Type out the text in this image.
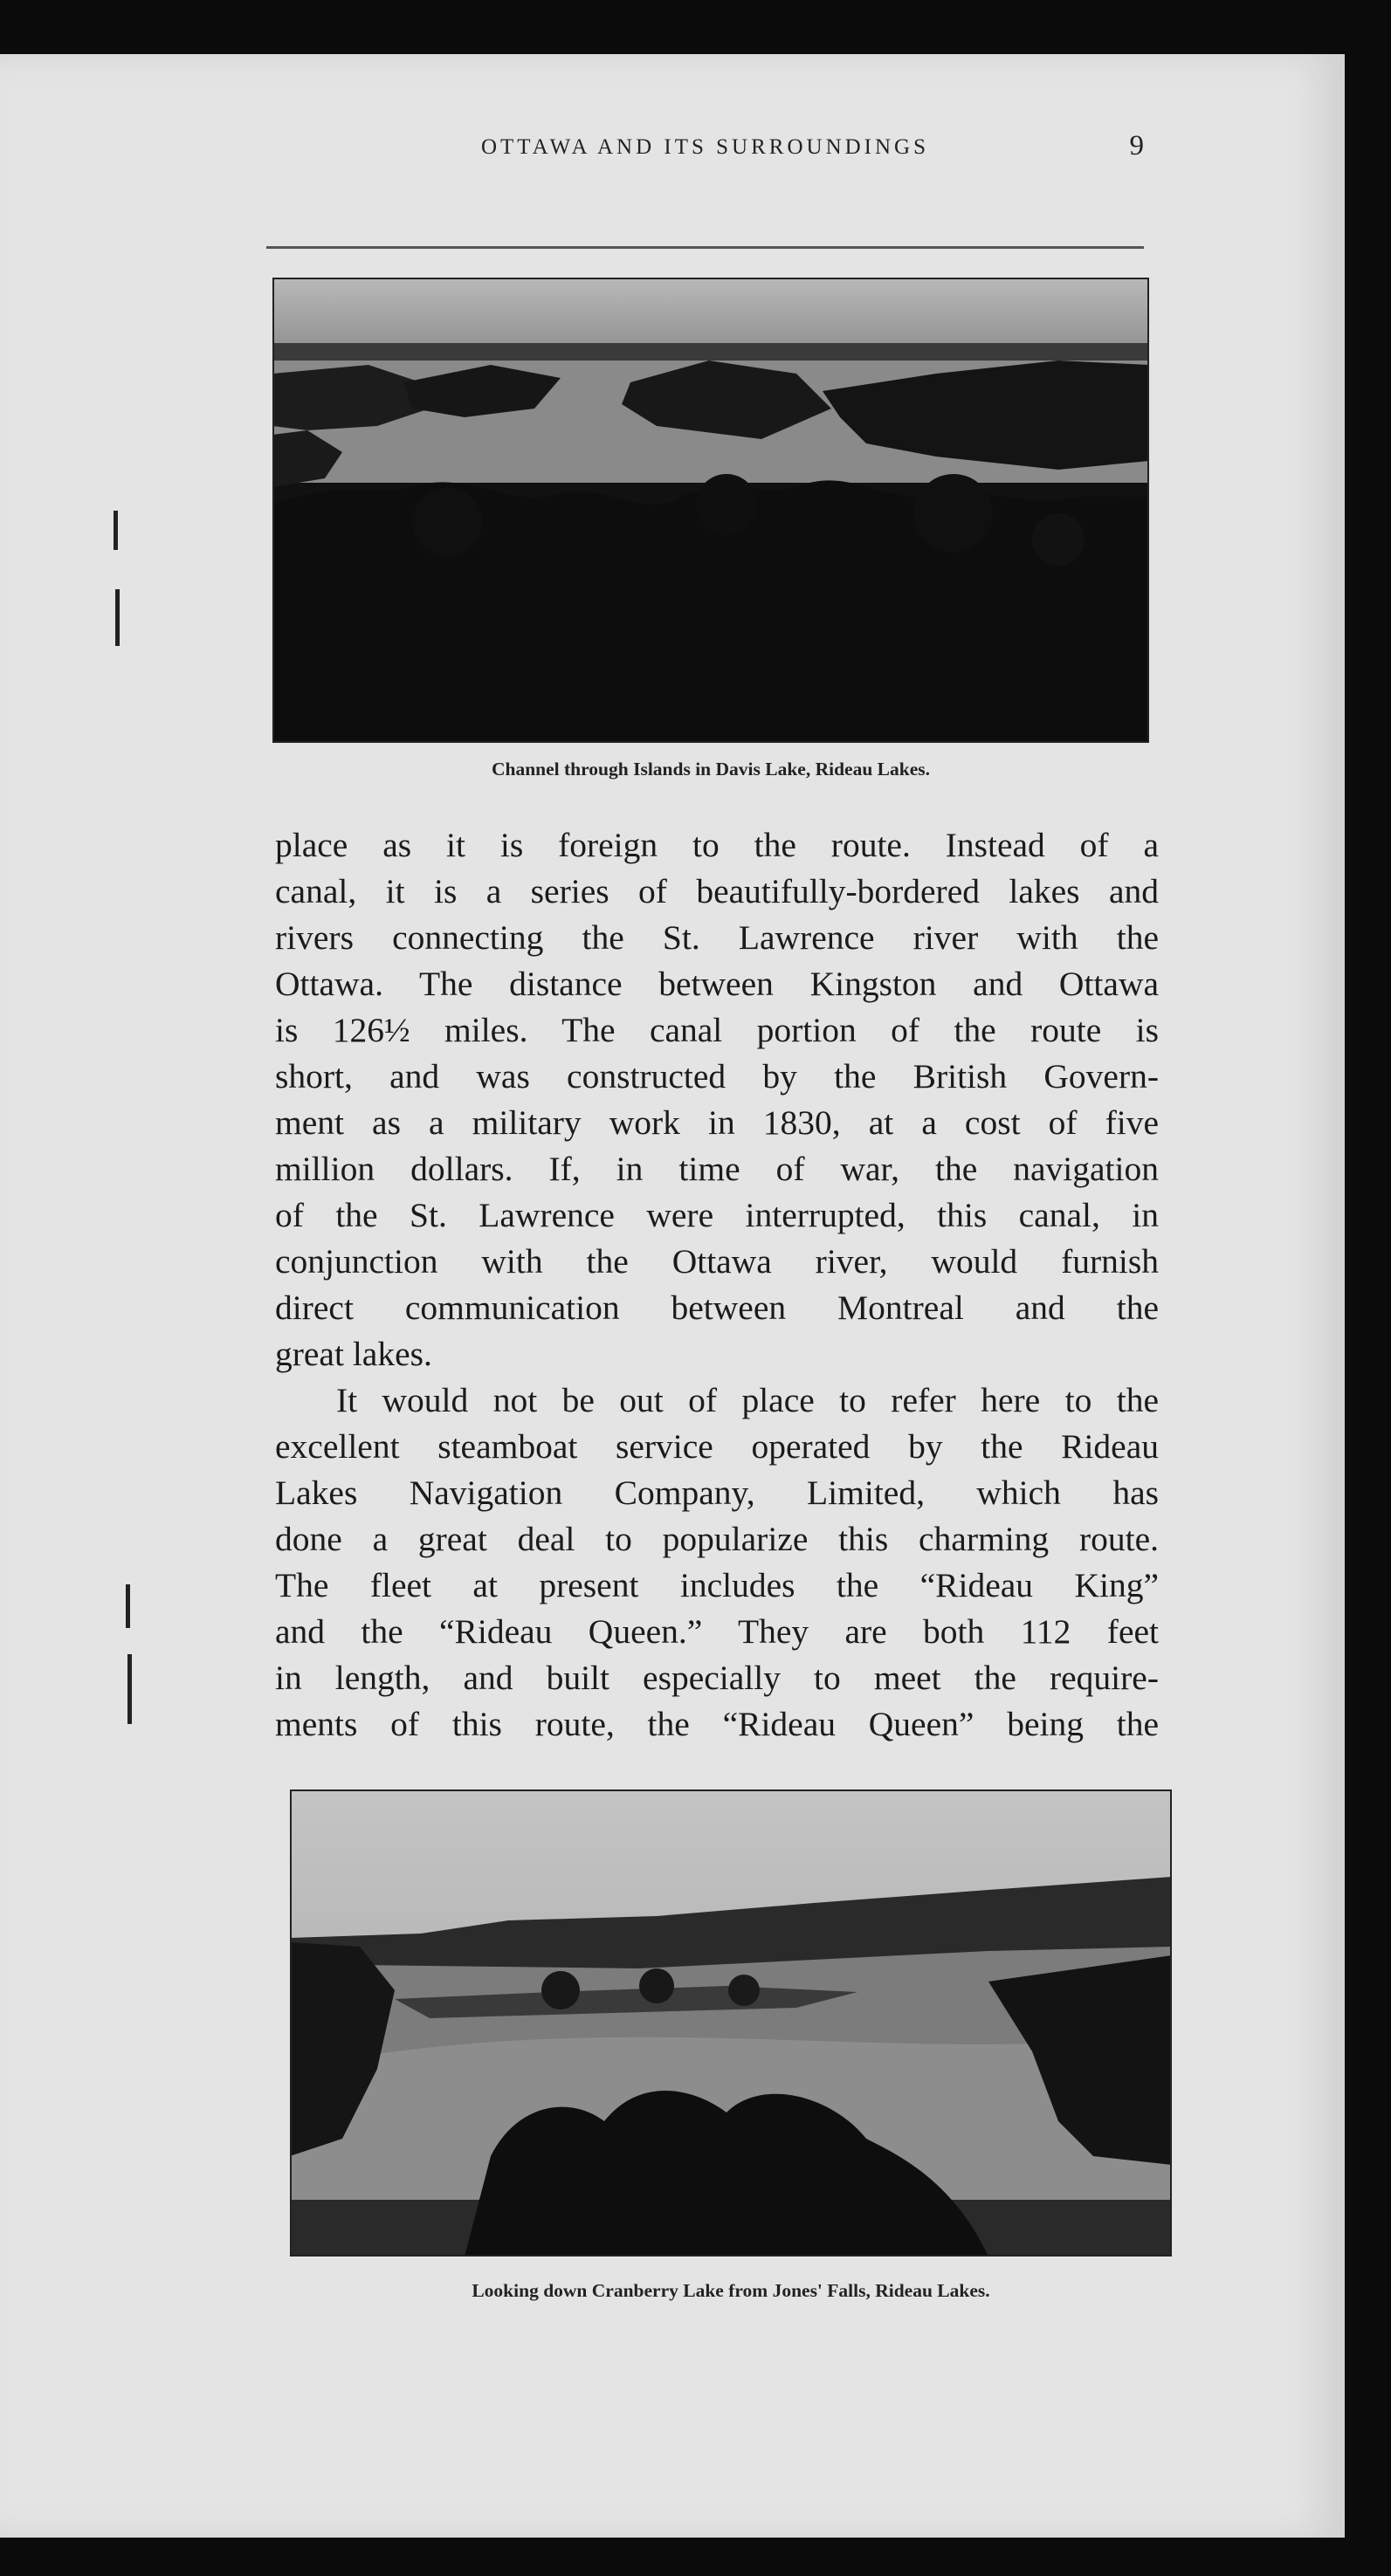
OTTAWA AND ITS SURROUNDINGS	9
Channel through Islands in Davis Lake, Rideau Lakes.
place as it is foreign to the route. Instead of a
canal, it is a series of beautifully-bordered lakes and
rivers connecting the St. Lawrence river with the
Ottawa. The distance between Kingston and Ottawa
is 126½ miles. The canal portion of the route is
short, and was constructed by the British Govern-
ment as a military work in 1830, at a cost of five
million dollars. If, in time of war, the navigation
of the St. Lawrence were interrupted, this canal, in
conjunction with the Ottawa river, would furnish
direct communication between Montreal and the
great lakes.
It would not be out of place to refer here to the
excellent steamboat service operated by the Rideau
Lakes Navigation Company, Limited, which has
done a great deal to popularize this charming route.
The fleet at present includes the “Rideau King”
and the “Rideau Queen.” They are both 112 feet
in length, and built especially to meet the require-
ments of this route, the “Rideau Queen” being the
Looking down Cranberry Lake from Jones' Falls, Rideau Lakes.
